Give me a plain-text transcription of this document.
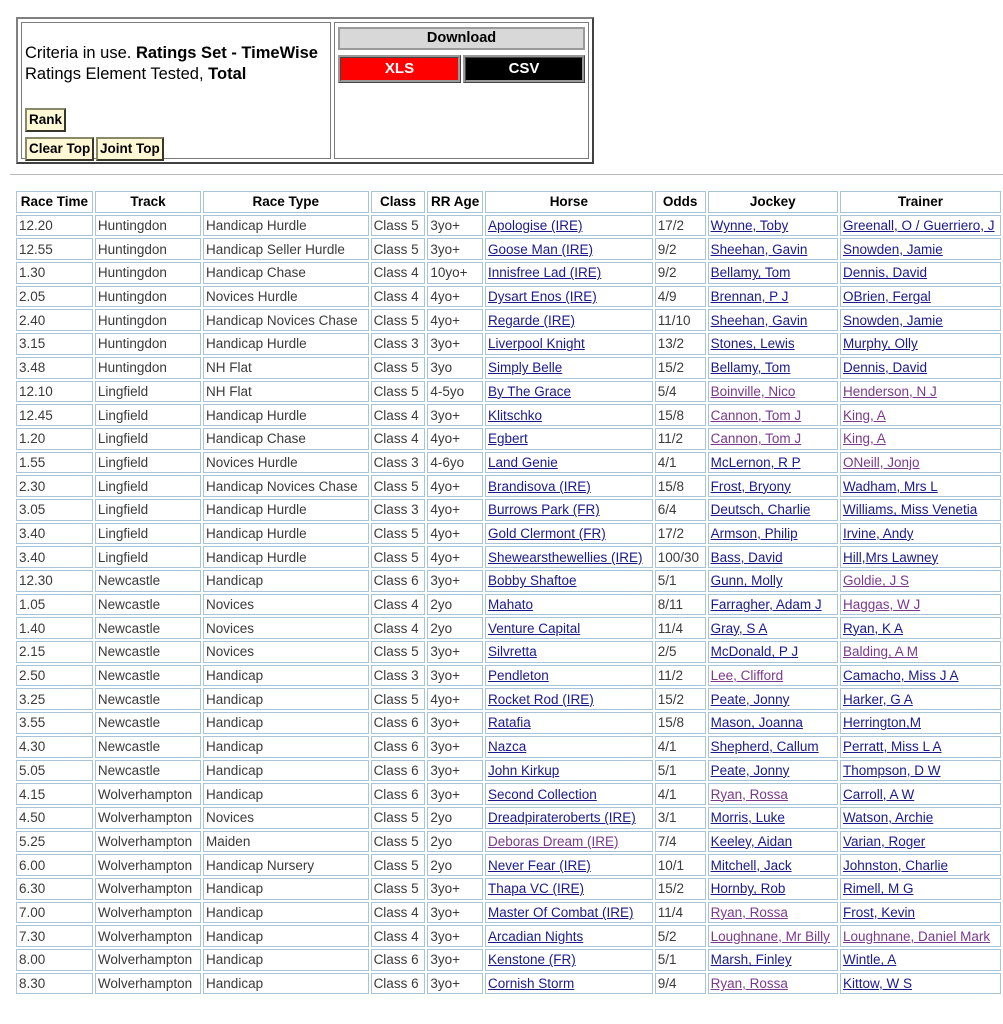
Criteria in use. Ratings Set - TimeWise
Ratings Element Tested, Total
Rank
Clear Top Joint Top
Download
XLS	CSV
Race Time	Track	Race Type	Class	RR Age	Horse	Odds	Jockey	Trainer
12.20	Huntingdon	Handicap Hurdle	Class 5	3yo+	Apologise (IRE)	17/2	Wynne, Toby	Greenall, O / Guerriero, J
12.55	Huntingdon	Handicap Seller Hurdle	Class 5	3yo+	Goose Man (IRE)	9/2	Sheehan, Gavin	Snowden, Jamie
1.30	Huntingdon	Handicap Chase	Class 4	10yo+	Innisfree Lad (IRE)	9/2	Bellamy, Tom	Dennis, David
2.05	Huntingdon	Novices Hurdle	Class 4	4yo+	Dysart Enos (IRE)	4/9	Brennan, P J	OBrien, Fergal
2.40	Huntingdon	Handicap Novices Chase	Class 5	4yo+	Regarde (IRE)	11/10	Sheehan, Gavin	Snowden, Jamie
3.15	Huntingdon	Handicap Hurdle	Class 3	3yo+	Liverpool Knight	13/2	Stones, Lewis	Murphy, Olly
3.48	Huntingdon	NH Flat	Class 5	3yo	Simply Belle	15/2	Bellamy, Tom	Dennis, David
12.10	Lingfield	NH Flat	Class 5	4-5yo	By The Grace	5/4	Boinville, Nico	Henderson, N J
12.45	Lingfield	Handicap Hurdle	Class 4	3yo+	Klitschko	15/8	Cannon, Tom J	King, A
1.20	Lingfield	Handicap Chase	Class 4	4yo+	Egbert	11/2	Cannon, Tom J	King, A
1.55	Lingfield	Novices Hurdle	Class 3	4-6yo	Land Genie	4/1	McLernon, R P	ONeill, Jonjo
2.30	Lingfield	Handicap Novices Chase	Class 5	4yo+	Brandisova (IRE)	15/8	Frost, Bryony	Wadham, Mrs L
3.05	Lingfield	Handicap Hurdle	Class 3	4yo+	Burrows Park (FR)	6/4	Deutsch, Charlie	Williams, Miss Venetia
3.40	Lingfield	Handicap Hurdle	Class 5	4yo+	Gold Clermont (FR)	17/2	Armson, Philip	Irvine, Andy
3.40	Lingfield	Handicap Hurdle	Class 5	4yo+	Shewearsthewellies (IRE)	100/30	Bass, David	Hill,Mrs Lawney
12.30	Newcastle	Handicap	Class 6	3yo+	Bobby Shaftoe	5/1	Gunn, Molly	Goldie, J S
1.05	Newcastle	Novices	Class 4	2yo	Mahato	8/11	Farragher, Adam J	Haggas, W J
1.40	Newcastle	Novices	Class 4	2yo	Venture Capital	11/4	Gray, S A	Ryan, K A
2.15	Newcastle	Novices	Class 5	3yo+	Silvretta	2/5	McDonald, P J	Balding, A M
2.50	Newcastle	Handicap	Class 3	3yo+	Pendleton	11/2	Lee, Clifford	Camacho, Miss J A
3.25	Newcastle	Handicap	Class 5	4yo+	Rocket Rod (IRE)	15/2	Peate, Jonny	Harker, G A
3.55	Newcastle	Handicap	Class 6	3yo+	Ratafia	15/8	Mason, Joanna	Herrington,M
4.30	Newcastle	Handicap	Class 6	3yo+	Nazca	4/1	Shepherd, Callum	Perratt, Miss L A
5.05	Newcastle	Handicap	Class 6	3yo+	John Kirkup	5/1	Peate, Jonny	Thompson, D W
4.15	Wolverhampton	Handicap	Class 6	3yo+	Second Collection	4/1	Ryan, Rossa	Carroll, A W
4.50	Wolverhampton	Novices	Class 5	2yo	Dreadpirateroberts (IRE)	3/1	Morris, Luke	Watson, Archie
5.25	Wolverhampton	Maiden	Class 5	2yo	Deboras Dream (IRE)	7/4	Keeley, Aidan	Varian, Roger
6.00	Wolverhampton	Handicap Nursery	Class 5	2yo	Never Fear (IRE)	10/1	Mitchell, Jack	Johnston, Charlie
6.30	Wolverhampton	Handicap	Class 5	3yo+	Thapa VC (IRE)	15/2	Hornby, Rob	Rimell, M G
7.00	Wolverhampton	Handicap	Class 4	3yo+	Master Of Combat (IRE)	11/4	Ryan, Rossa	Frost, Kevin
7.30	Wolverhampton	Handicap	Class 4	3yo+	Arcadian Nights	5/2	Loughnane, Mr Billy	Loughnane, Daniel Mark
8.00	Wolverhampton	Handicap	Class 6	3yo+	Kenstone (FR)	5/1	Marsh, Finley	Wintle, A
8.30	Wolverhampton	Handicap	Class 6	3yo+	Cornish Storm	9/4	Ryan, Rossa	Kittow, W S
